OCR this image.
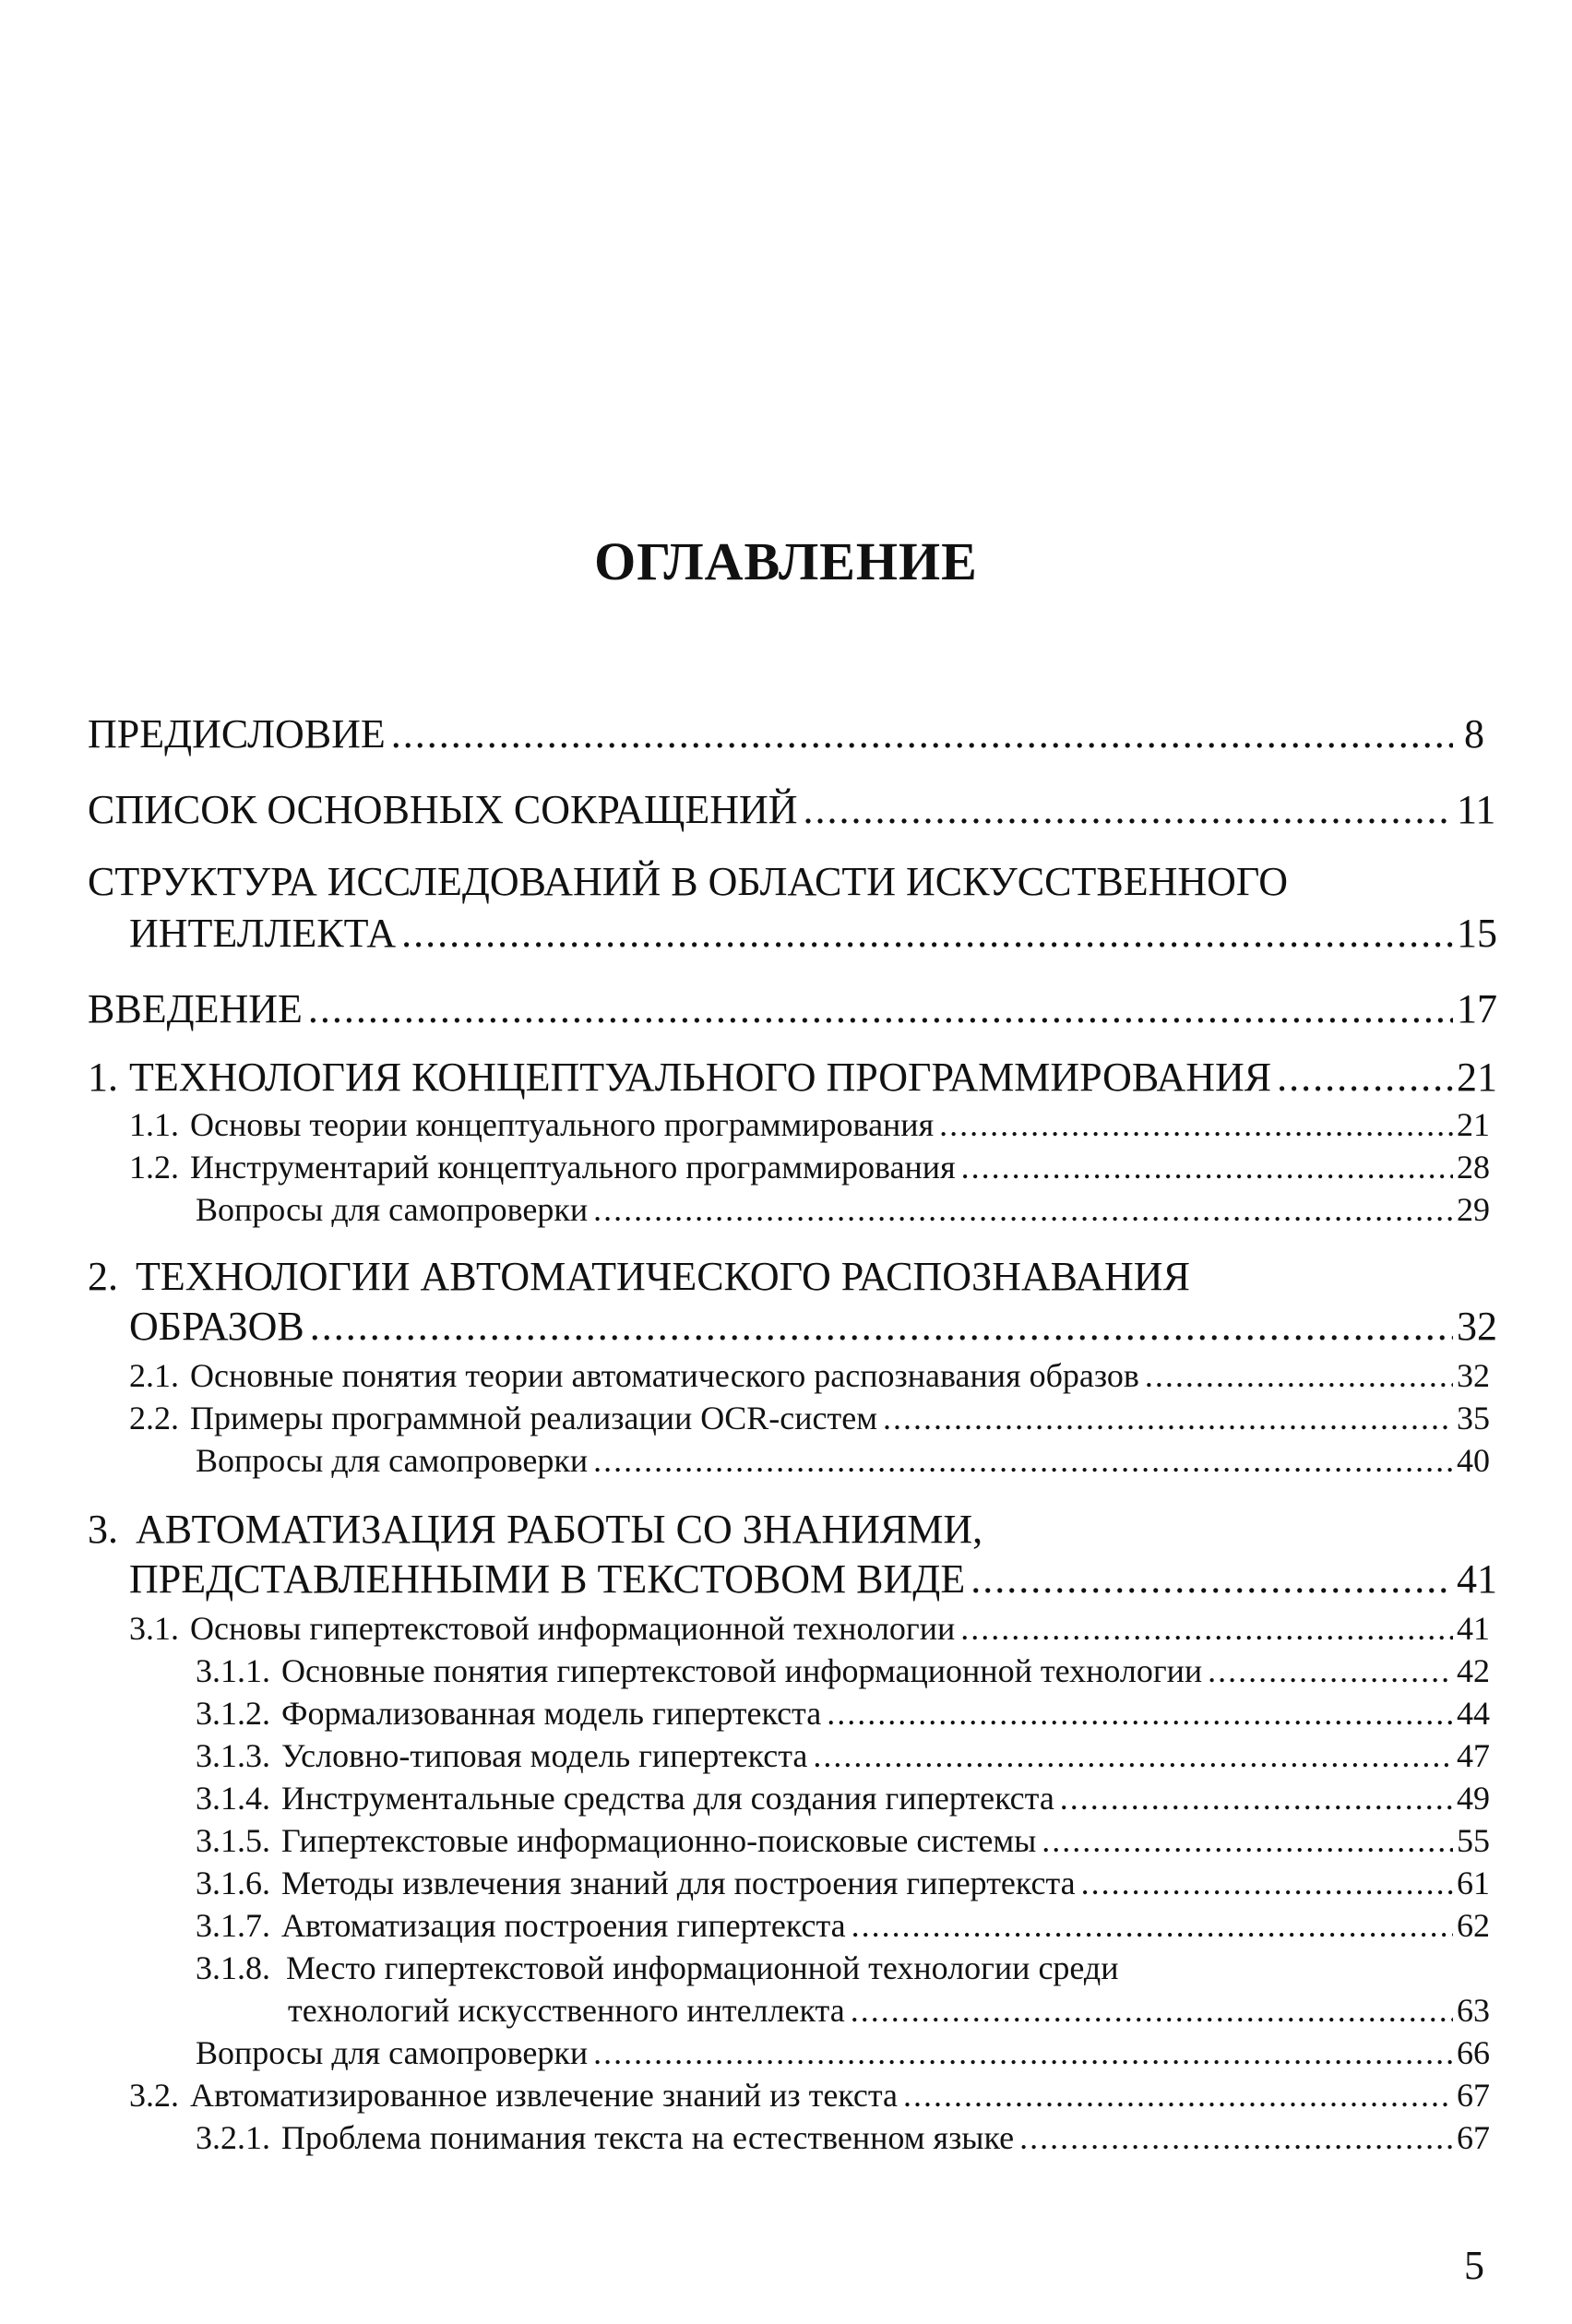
ОГЛАВЛЕНИЕ
ПРЕДИСЛОВИЕ .....	8
СПИСОК ОСНОВНЫХ СОКРАЩЕНИЙ .....	11
СТРУКТУРА ИССЛЕДОВАНИЙ В ОБЛАСТИ ИСКУССТВЕННОГО
ИНТЕЛЛЕКТА .....	15
ВВЕДЕНИЕ .....	17
1. ТЕХНОЛОГИЯ КОНЦЕПТУАЛЬНОГО ПРОГРАММИРОВАНИЯ .....	21
1.1. Основы теории концептуального программирования .....	21
1.2. Инструментарий концептуального программирования .....	28
Вопросы для самопроверки .....	29
2. ТЕХНОЛОГИИ АВТОМАТИЧЕСКОГО РАСПОЗНАВАНИЯ
ОБРАЗОВ .....	32
2.1. Основные понятия теории автоматического распознавания образов .....	32
2.2. Примеры программной реализации OCR-систем .....	35
Вопросы для самопроверки .....	40
3. АВТОМАТИЗАЦИЯ РАБОТЫ СО ЗНАНИЯМИ,
ПРЕДСТАВЛЕННЫМИ В ТЕКСТОВОМ ВИДЕ .....	41
3.1. Основы гипертекстовой информационной технологии .....	41
3.1.1. Основные понятия гипертекстовой информационной технологии .....	42
3.1.2. Формализованная модель гипертекста .....	44
3.1.3. Условно-типовая модель гипертекста .....	47
3.1.4. Инструментальные средства для создания гипертекста .....	49
3.1.5. Гипертекстовые информационно-поисковые системы .....	55
3.1.6. Методы извлечения знаний для построения гипертекста .....	61
3.1.7. Автоматизация построения гипертекста .....	62
3.1.8. Место гипертекстовой информационной технологии среди
технологий искусственного интеллекта .....	63
Вопросы для самопроверки .....	66
3.2. Автоматизированное извлечение знаний из текста .....	67
3.2.1. Проблема понимания текста на естественном языке .....	67
5
